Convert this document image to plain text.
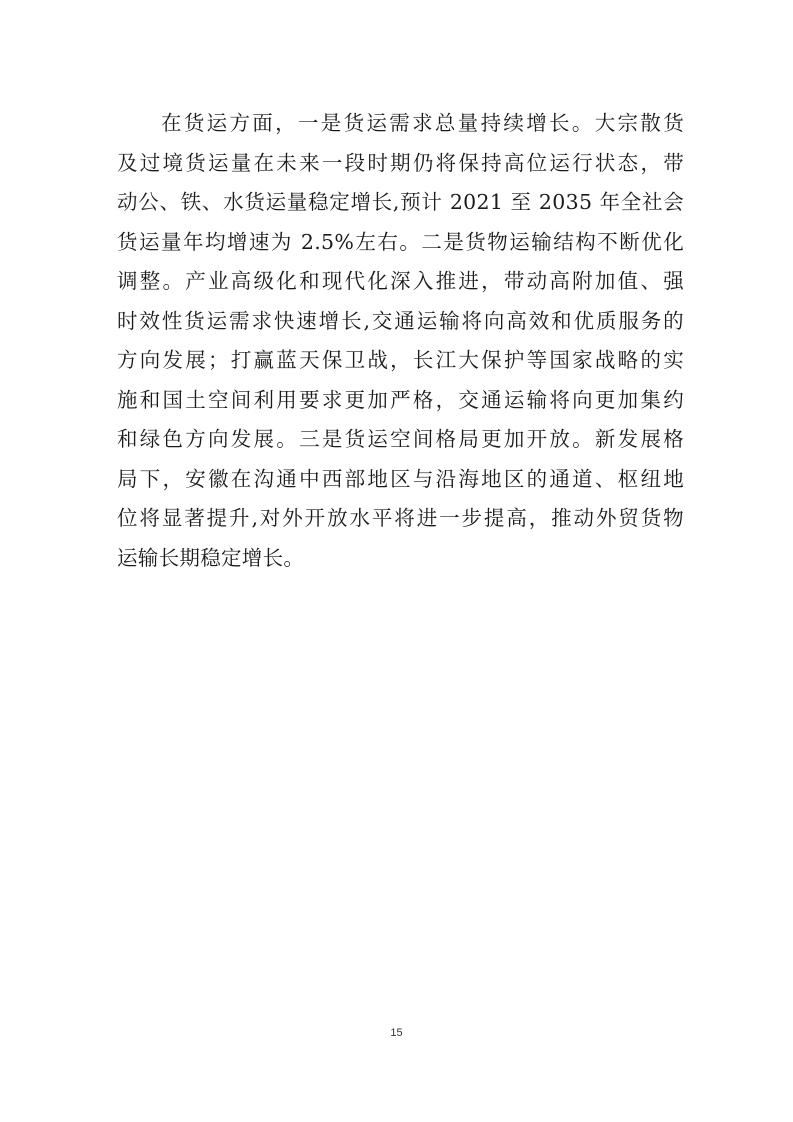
在货运方面，一是货运需求总量持续增长。大宗散货
及过境货运量在未来一段时期仍将保持高位运行状态，带
动公、铁、水货运量稳定增长,预计 2021 至 2035 年全社会
货运量年均增速为 2.5%左右。二是货物运输结构不断优化
调整。产业高级化和现代化深入推进，带动高附加值、强
时效性货运需求快速增长,交通运输将向高效和优质服务的
方向发展；打赢蓝天保卫战，长江大保护等国家战略的实
施和国土空间利用要求更加严格，交通运输将向更加集约
和绿色方向发展。三是货运空间格局更加开放。新发展格
局下，安徽在沟通中西部地区与沿海地区的通道、枢纽地
位将显著提升,对外开放水平将进一步提高，推动外贸货物
运输长期稳定增长。

15
